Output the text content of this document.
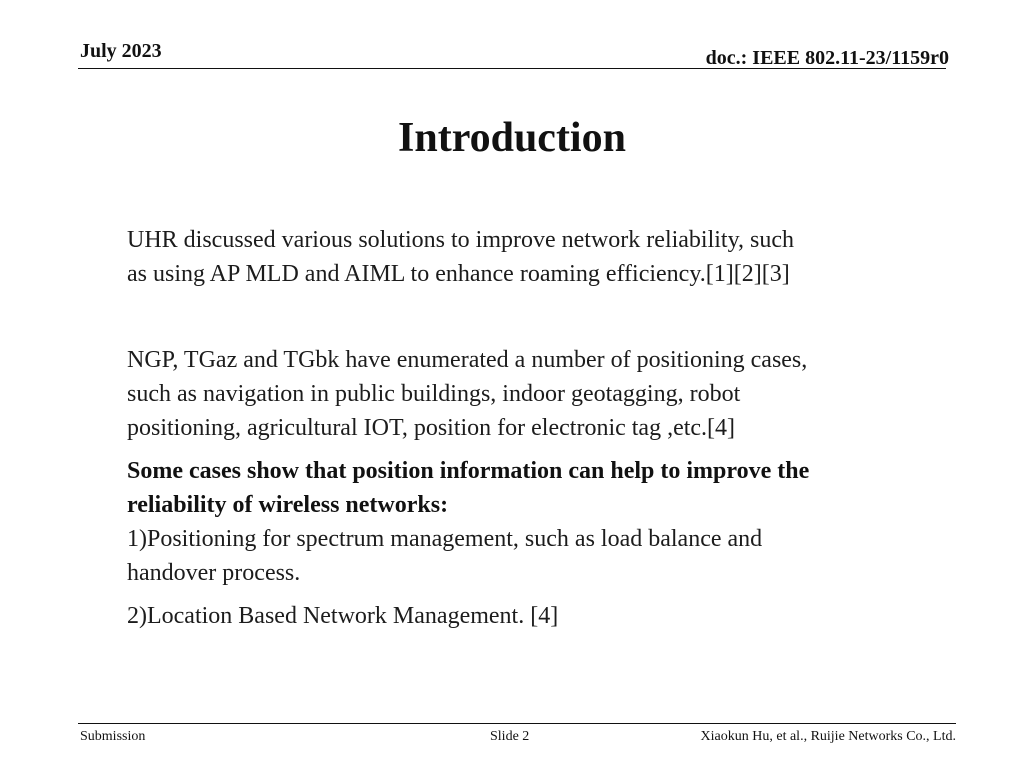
July 2023	doc.: IEEE 802.11-23/1159r0
Introduction
UHR discussed various solutions to improve network reliability, such
as using AP MLD and AIML to enhance roaming efficiency.[1][2][3]
NGP, TGaz and TGbk have enumerated a number of positioning cases,
such as navigation in public buildings, indoor geotagging, robot
positioning, agricultural IOT, position for electronic tag ,etc.[4]
Some cases show that position information can help to improve the
reliability of wireless networks:
1)Positioning for spectrum management, such as load balance and
handover process.
2)Location Based Network Management. [4]
Submission	Slide 2	Xiaokun Hu, et al., Ruijie Networks Co., Ltd.
